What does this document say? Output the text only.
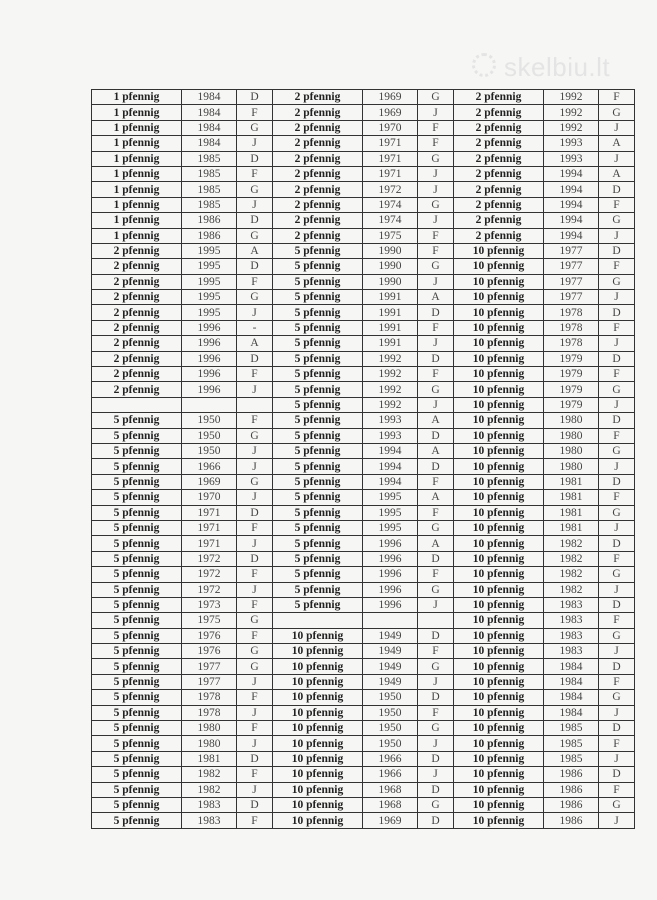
skelbiu.lt
1 pfennig	1984	D	2 pfennig	1969	G	2 pfennig	1992	F
1 pfennig	1984	F	2 pfennig	1969	J	2 pfennig	1992	G
1 pfennig	1984	G	2 pfennig	1970	F	2 pfennig	1992	J
1 pfennig	1984	J	2 pfennig	1971	F	2 pfennig	1993	A
1 pfennig	1985	D	2 pfennig	1971	G	2 pfennig	1993	J
1 pfennig	1985	F	2 pfennig	1971	J	2 pfennig	1994	A
1 pfennig	1985	G	2 pfennig	1972	J	2 pfennig	1994	D
1 pfennig	1985	J	2 pfennig	1974	G	2 pfennig	1994	F
1 pfennig	1986	D	2 pfennig	1974	J	2 pfennig	1994	G
1 pfennig	1986	G	2 pfennig	1975	F	2 pfennig	1994	J
2 pfennig	1995	A	5 pfennig	1990	F	10 pfennig	1977	D
2 pfennig	1995	D	5 pfennig	1990	G	10 pfennig	1977	F
2 pfennig	1995	F	5 pfennig	1990	J	10 pfennig	1977	G
2 pfennig	1995	G	5 pfennig	1991	A	10 pfennig	1977	J
2 pfennig	1995	J	5 pfennig	1991	D	10 pfennig	1978	D
2 pfennig	1996	-	5 pfennig	1991	F	10 pfennig	1978	F
2 pfennig	1996	A	5 pfennig	1991	J	10 pfennig	1978	J
2 pfennig	1996	D	5 pfennig	1992	D	10 pfennig	1979	D
2 pfennig	1996	F	5 pfennig	1992	F	10 pfennig	1979	F
2 pfennig	1996	J	5 pfennig	1992	G	10 pfennig	1979	G
			5 pfennig	1992	J	10 pfennig	1979	J
5 pfennig	1950	F	5 pfennig	1993	A	10 pfennig	1980	D
5 pfennig	1950	G	5 pfennig	1993	D	10 pfennig	1980	F
5 pfennig	1950	J	5 pfennig	1994	A	10 pfennig	1980	G
5 pfennig	1966	J	5 pfennig	1994	D	10 pfennig	1980	J
5 pfennig	1969	G	5 pfennig	1994	F	10 pfennig	1981	D
5 pfennig	1970	J	5 pfennig	1995	A	10 pfennig	1981	F
5 pfennig	1971	D	5 pfennig	1995	F	10 pfennig	1981	G
5 pfennig	1971	F	5 pfennig	1995	G	10 pfennig	1981	J
5 pfennig	1971	J	5 pfennig	1996	A	10 pfennig	1982	D
5 pfennig	1972	D	5 pfennig	1996	D	10 pfennig	1982	F
5 pfennig	1972	F	5 pfennig	1996	F	10 pfennig	1982	G
5 pfennig	1972	J	5 pfennig	1996	G	10 pfennig	1982	J
5 pfennig	1973	F	5 pfennig	1996	J	10 pfennig	1983	D
5 pfennig	1975	G				10 pfennig	1983	F
5 pfennig	1976	F	10 pfennig	1949	D	10 pfennig	1983	G
5 pfennig	1976	G	10 pfennig	1949	F	10 pfennig	1983	J
5 pfennig	1977	G	10 pfennig	1949	G	10 pfennig	1984	D
5 pfennig	1977	J	10 pfennig	1949	J	10 pfennig	1984	F
5 pfennig	1978	F	10 pfennig	1950	D	10 pfennig	1984	G
5 pfennig	1978	J	10 pfennig	1950	F	10 pfennig	1984	J
5 pfennig	1980	F	10 pfennig	1950	G	10 pfennig	1985	D
5 pfennig	1980	J	10 pfennig	1950	J	10 pfennig	1985	F
5 pfennig	1981	D	10 pfennig	1966	D	10 pfennig	1985	J
5 pfennig	1982	F	10 pfennig	1966	J	10 pfennig	1986	D
5 pfennig	1982	J	10 pfennig	1968	D	10 pfennig	1986	F
5 pfennig	1983	D	10 pfennig	1968	G	10 pfennig	1986	G
5 pfennig	1983	F	10 pfennig	1969	D	10 pfennig	1986	J
